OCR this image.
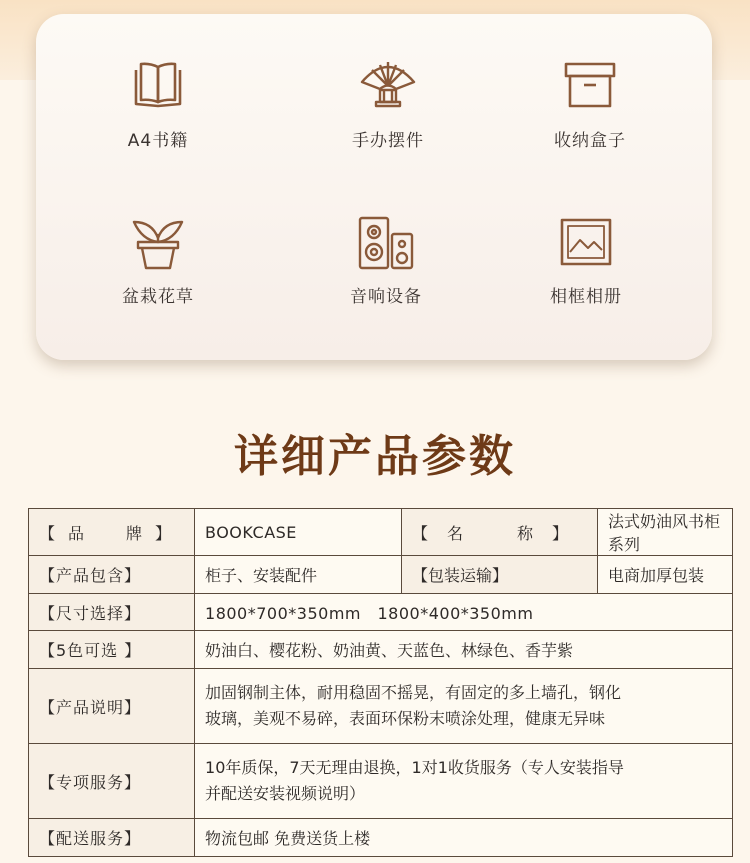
A4书籍	手办摆件	收纳盒子
盆栽花草	音响设备	相框相册
详细产品参数
【品　牌】	BOOKCASE	【名　称】	法式奶油风书柜系列
【产品包含】	柜子、安装配件	【包装运输】	电商加厚包装
【尺寸选择】	1800*700*350mm　1800*400*350mm		
【5色可选 】	奶油白、樱花粉、奶油黄、天蓝色、林绿色、香芋紫		
【产品说明】	加固钢制主体，耐用稳固不摇晃，有固定的多上墙孔，钢化
玻璃，美观不易碎，表面环保粉末喷涂处理，健康无异味		

【专项服务】	10年质保，7天无理由退换，1对1收货服务（专人安装指导
并配送安装视频说明）		

【配送服务】	物流包邮 免费送货上楼		
